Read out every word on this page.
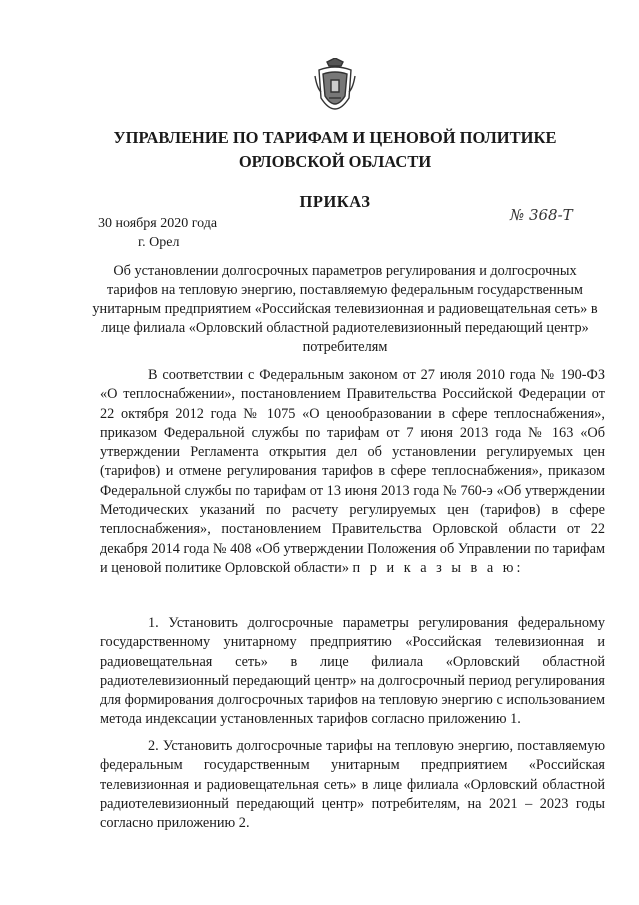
УПРАВЛЕНИЕ ПО ТАРИФАМ И ЦЕНОВОЙ ПОЛИТИКЕ
ОРЛОВСКОЙ ОБЛАСТИ
ПРИКАЗ
30 ноября 2020 года
г. Орел
№ 368-Т
Об установлении долгосрочных параметров регулирования и долгосрочных тарифов на тепловую энергию, поставляемую федеральным государственным унитарным предприятием «Российская телевизионная и радиовещательная сеть» в лице филиала «Орловский областной радиотелевизионный передающий центр» потребителям
В соответствии с Федеральным законом от 27 июля 2010 года № 190-ФЗ «О теплоснабжении», постановлением Правительства Российской Федерации от 22 октября 2012 года № 1075 «О ценообразовании в сфере теплоснабжения», приказом Федеральной службы по тарифам от 7 июня 2013 года № 163 «Об утверждении Регламента открытия дел об установлении регулируемых цен (тарифов) и отмене регулирования тарифов в сфере теплоснабжения», приказом Федеральной службы по тарифам от 13 июня 2013 года № 760-э «Об утверждении Методических указаний по расчету регулируемых цен (тарифов) в сфере теплоснабжения», постановлением Правительства Орловской области от 22 декабря 2014 года № 408 «Об утверждении Положения об Управлении по тарифам и ценовой политике Орловской области» п р и к а з ы в а ю:
1. Установить долгосрочные параметры регулирования федеральному государственному унитарному предприятию «Российская телевизионная и радиовещательная сеть» в лице филиала «Орловский областной радиотелевизионный передающий центр» на долгосрочный период регулирования для формирования долгосрочных тарифов на тепловую энергию с использованием метода индексации установленных тарифов согласно приложению 1.
2. Установить долгосрочные тарифы на тепловую энергию, поставляемую федеральным государственным унитарным предприятием «Российская телевизионная и радиовещательная сеть» в лице филиала «Орловский областной радиотелевизионный передающий центр» потребителям, на 2021 – 2023 годы согласно приложению 2.
